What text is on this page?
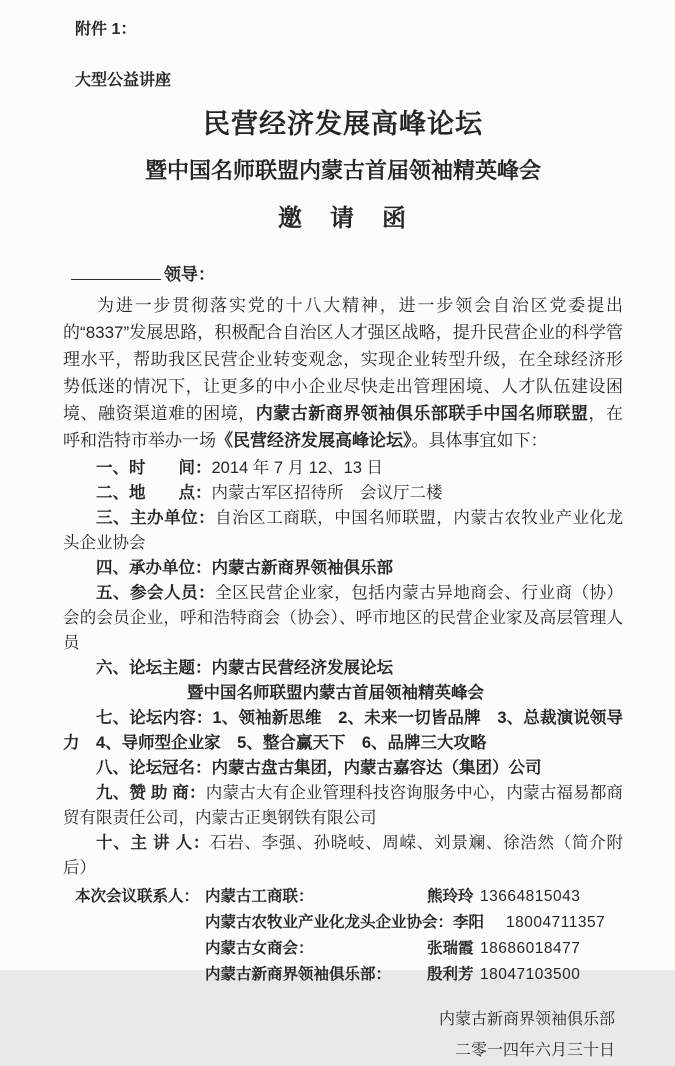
附件 1：
大型公益讲座
民营经济发展高峰论坛
暨中国名师联盟内蒙古首届领袖精英峰会
邀　请　函

领导：

为进一步贯彻落实党的十八大精神，进一步领会自治区党委提出的“8337”发展思路，积极配合自治区人才强区战略，提升民营企业的科学管理水平，帮助我区民营企业转变观念，实现企业转型升级，在全球经济形势低迷的情况下，让更多的中小企业尽快走出管理困境、人才队伍建设困境、融资渠道难的困境，内蒙古新商界领袖俱乐部联手中国名师联盟，在呼和浩特市举办一场《民营经济发展高峰论坛》。具体事宜如下：

一、时　　间：2014 年 7 月 12、13 日

二、地　　点：内蒙古军区招待所　会议厅二楼

三、主办单位：自治区工商联，中国名师联盟，内蒙古农牧业产业化龙头企业协会

四、承办单位：内蒙古新商界领袖俱乐部

五、参会人员：全区民营企业家，包括内蒙古异地商会、行业商（协）会的会员企业，呼和浩特商会（协会）、呼市地区的民营企业家及高层管理人员

六、论坛主题：内蒙古民营经济发展论坛

暨中国名师联盟内蒙古首届领袖精英峰会

七、论坛内容：1、领袖新思维　2、未来一切皆品牌　3、总裁演说领导力　4、导师型企业家　5、整合赢天下　6、品牌三大攻略

八、论坛冠名：内蒙古盘古集团，内蒙古嘉容达（集团）公司

九、赞 助 商：内蒙古大有企业管理科技咨询服务中心，内蒙古福易都商贸有限责任公司，内蒙古正奥钢铁有限公司

十、主 讲 人：石岩、李强、孙晓岐、周嵘、刘景斓、徐浩然（简介附后）

本次会议联系人： 内蒙古工商联：	熊玲玲 13664815043
内蒙古农牧业产业化龙头企业协会： 李阳	18004711357
内蒙古女商会：	张瑞霞 18686018477
内蒙古新商界领袖俱乐部：	殷利芳 18047103500
内蒙古新商界领袖俱乐部
二零一四年六月三十日
